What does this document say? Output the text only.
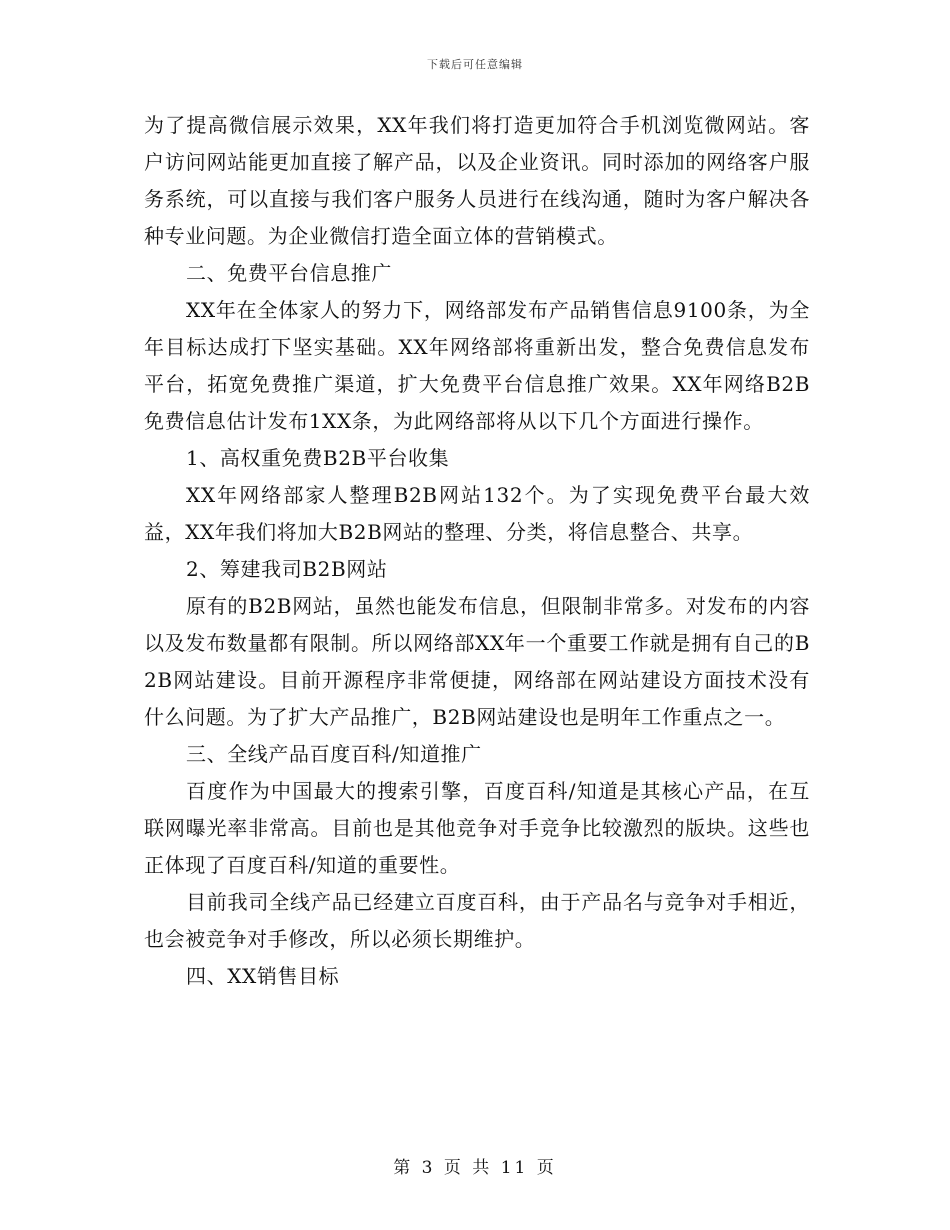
下载后可任意编辑

为了提高微信展示效果，XX年我们将打造更加符合手机浏览微网站。客户访问网站能更加直接了解产品，以及企业资讯。同时添加的网络客户服务系统，可以直接与我们客户服务人员进行在线沟通，随时为客户解决各种专业问题。为企业微信打造全面立体的营销模式。

二、免费平台信息推广

XX年在全体家人的努力下，网络部发布产品销售信息9100条，为全年目标达成打下坚实基础。XX年网络部将重新出发，整合免费信息发布平台，拓宽免费推广渠道，扩大免费平台信息推广效果。XX年网络B2B免费信息估计发布1XX条，为此网络部将从以下几个方面进行操作。

1、高权重免费B2B平台收集

XX年网络部家人整理B2B网站132个。为了实现免费平台最大效益，XX年我们将加大B2B网站的整理、分类，将信息整合、共享。

2、筹建我司B2B网站

原有的B2B网站，虽然也能发布信息，但限制非常多。对发布的内容以及发布数量都有限制。所以网络部XX年一个重要工作就是拥有自己的B2B网站建设。目前开源程序非常便捷，网络部在网站建设方面技术没有什么问题。为了扩大产品推广，B2B网站建设也是明年工作重点之一。

三、全线产品百度百科/知道推广

百度作为中国最大的搜索引擎，百度百科/知道是其核心产品，在互联网曝光率非常高。目前也是其他竞争对手竞争比较激烈的版块。这些也正体现了百度百科/知道的重要性。

目前我司全线产品已经建立百度百科，由于产品名与竞争对手相近，也会被竞争对手修改，所以必须长期维护。

四、XX销售目标

第 3 页 共 11 页
